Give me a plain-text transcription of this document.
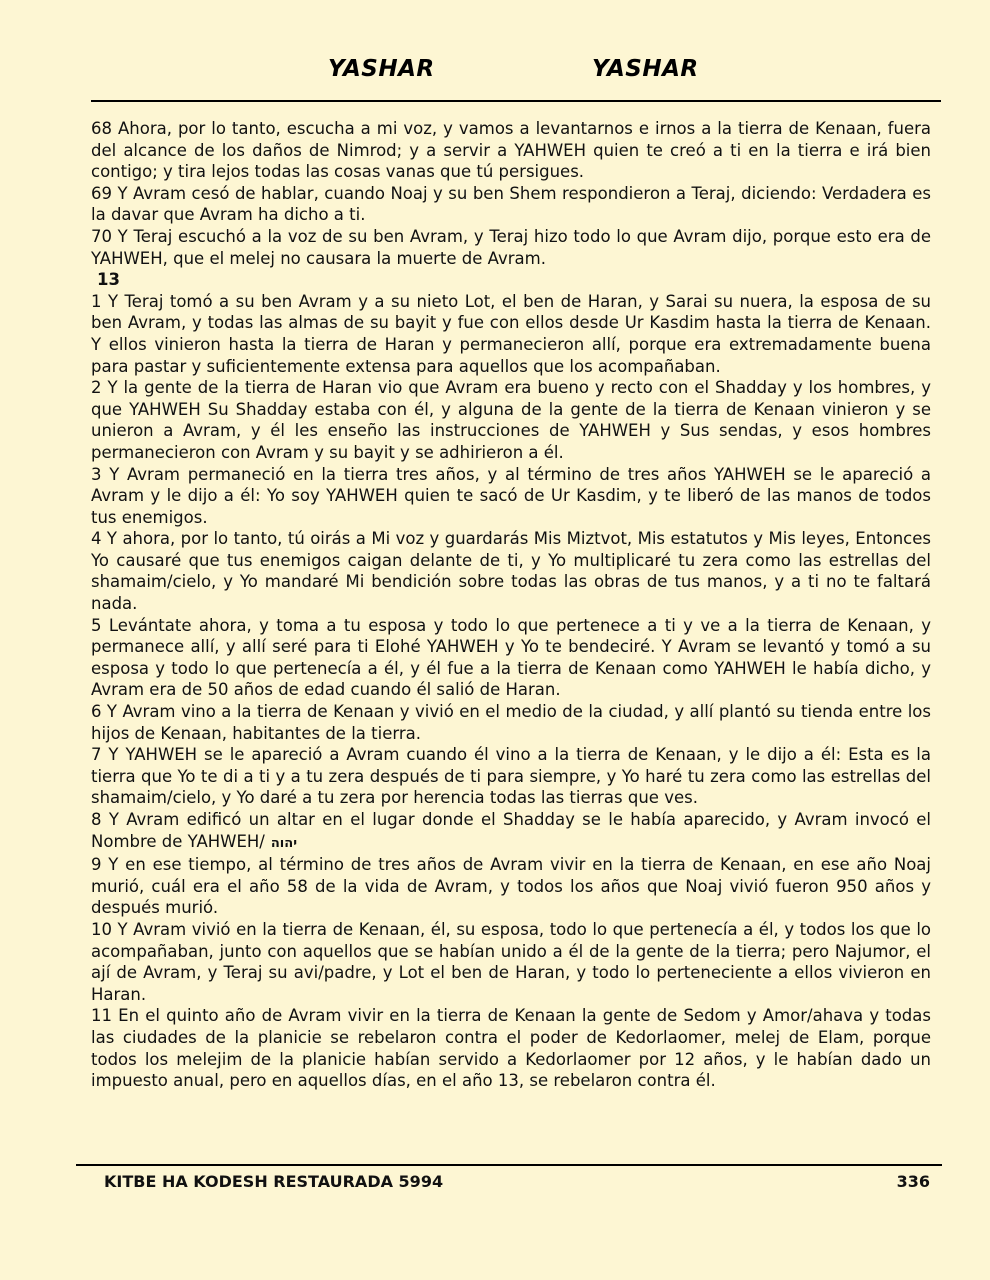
YASHAR	YASHAR

68 Ahora, por lo tanto, escucha a mi voz, y vamos a levantarnos e irnos a la tierra de Kenaan, fuera del alcance de los daños de Nimrod; y a servir a YAHWEH quien te creó a ti en la tierra e irá bien contigo; y tira lejos todas las cosas vanas que tú persigues.

69 Y Avram cesó de hablar, cuando Noaj y su ben Shem respondieron a Teraj, diciendo: Verdadera es la davar que Avram ha dicho a ti.

70 Y Teraj escuchó a la voz de su ben Avram, y Teraj hizo todo lo que Avram dijo, porque esto era de YAHWEH, que el melej no causara la muerte de Avram.

13

1 Y Teraj tomó a su ben Avram y a su nieto Lot, el ben de Haran, y Sarai su nuera, la esposa de su ben Avram, y todas las almas de su bayit y fue con ellos desde Ur Kasdim hasta la tierra de Kenaan. Y ellos vinieron hasta la tierra de Haran y permanecieron allí, porque era extremadamente buena para pastar y suficientemente extensa para aquellos que los acompañaban.

2 Y la gente de la tierra de Haran vio que Avram era bueno y recto con el Shadday y los hombres, y que YAHWEH Su Shadday estaba con él, y alguna de la gente de la tierra de Kenaan vinieron y se unieron a Avram, y él les enseño las instrucciones de YAHWEH y Sus sendas, y esos hombres permanecieron con Avram y su bayit y se adhirieron a él.

3 Y Avram permaneció en la tierra tres años, y al término de tres años YAHWEH se le apareció a Avram y le dijo a él: Yo soy YAHWEH quien te sacó de Ur Kasdim, y te liberó de las manos de todos tus enemigos.

4 Y ahora, por lo tanto, tú oirás a Mi voz y guardarás Mis Miztvot, Mis estatutos y Mis leyes, Entonces Yo causaré que tus enemigos caigan delante de ti, y Yo multiplicaré tu zera como las estrellas del shamaim/cielo, y Yo mandaré Mi bendición sobre todas las obras de tus manos, y a ti no te faltará nada.

5 Levántate ahora, y toma a tu esposa y todo lo que pertenece a ti y ve a la tierra de Kenaan, y permanece allí, y allí seré para ti Elohé YAHWEH y Yo te bendeciré. Y Avram se levantó y tomó a su esposa y todo lo que pertenecía a él, y él fue a la tierra de Kenaan como YAHWEH le había dicho, y Avram era de 50 años de edad cuando él salió de Haran.

6 Y Avram vino a la tierra de Kenaan y vivió en el medio de la ciudad, y allí plantó su tienda entre los hijos de Kenaan, habitantes de la tierra.

7 Y YAHWEH se le apareció a Avram cuando él vino a la tierra de Kenaan, y le dijo a él: Esta es la tierra que Yo te di a ti y a tu zera después de ti para siempre, y Yo haré tu zera como las estrellas del shamaim/cielo, y Yo daré a tu zera por herencia todas las tierras que ves.

8 Y Avram edificó un altar en el lugar donde el Shadday se le había aparecido, y Avram invocó el Nombre de YAHWEH/ יהוה

9 Y en ese tiempo, al término de tres años de Avram vivir en la tierra de Kenaan, en ese año Noaj murió, cuál era el año 58 de la vida de Avram, y todos los años que Noaj vivió fueron 950 años y después murió.

10 Y Avram vivió en la tierra de Kenaan, él, su esposa, todo lo que pertenecía a él, y todos los que lo acompañaban, junto con aquellos que se habían unido a él de la gente de la tierra; pero Najumor, el ají de Avram, y Teraj su avi/padre, y Lot el ben de Haran, y todo lo perteneciente a ellos vivieron en Haran.

11 En el quinto año de Avram vivir en la tierra de Kenaan la gente de Sedom y Amor/ahava y todas las ciudades de la planicie se rebelaron contra el poder de Kedorlaomer, melej de Elam, porque todos los melejim de la planicie habían servido a Kedorlaomer por 12 años, y le habían dado un impuesto anual, pero en aquellos días, en el año 13, se rebelaron contra él.

KITBE HA KODESH RESTAURADA 5994	336
